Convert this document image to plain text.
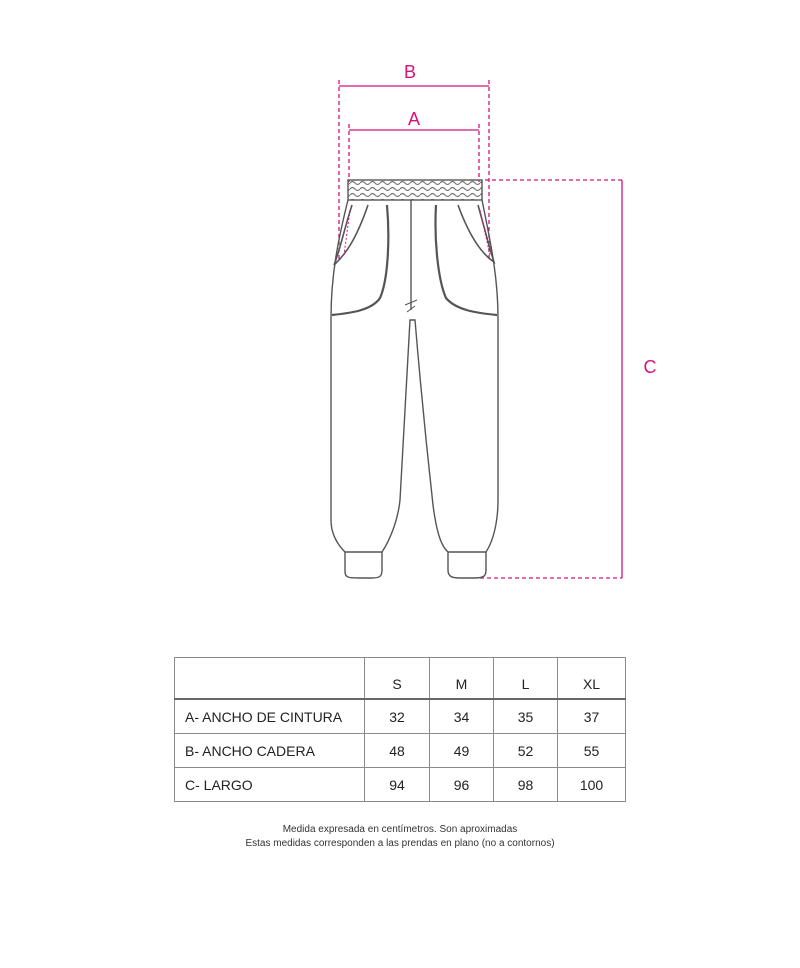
B
A
C
	S	M	L	XL
A- ANCHO DE CINTURA	32	34	35	37
B- ANCHO CADERA	48	49	52	55
C- LARGO	94	96	98	100
Medida expresada en centímetros. Son aproximadas
Estas medidas corresponden a las prendas en plano (no a contornos)
